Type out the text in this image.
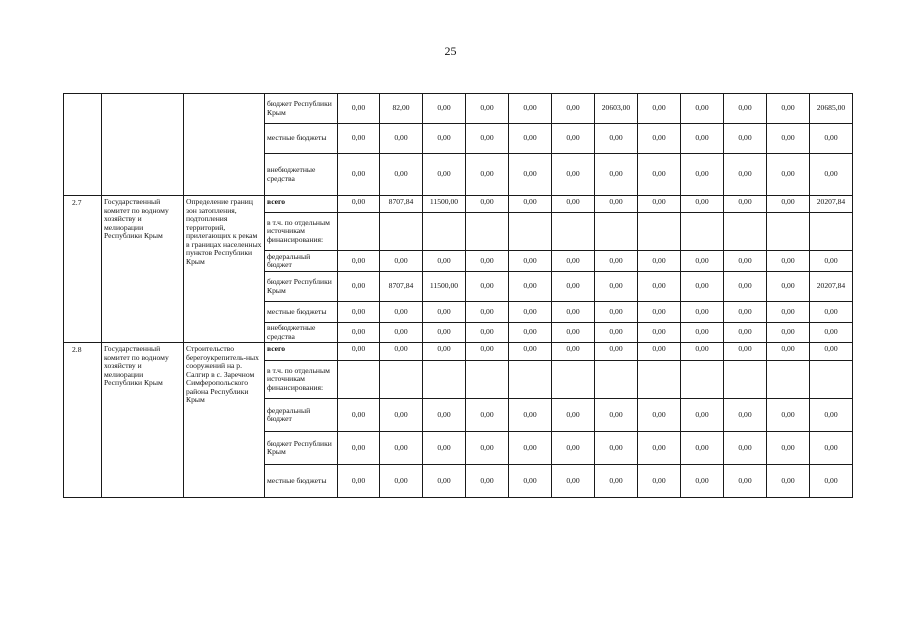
25
			бюджет Республики Крым	0,00	82,00	0,00	0,00	0,00	0,00	20603,00	0,00	0,00	0,00	0,00	20685,00
			местные бюджеты	0,00	0,00	0,00	0,00	0,00	0,00	0,00	0,00	0,00	0,00	0,00	0,00
			внебюджетные средства	0,00	0,00	0,00	0,00	0,00	0,00	0,00	0,00	0,00	0,00	0,00	0,00
2.7	Государственный комитет по водному хозяйству и мелиорации Республики Крым	Определение границ зон затопления, подтопления территорий, прилегающих к рекам в границах населенных пунктов Республики Крым	всего	0,00	8707,84	11500,00	0,00	0,00	0,00	0,00	0,00	0,00	0,00	0,00	20207,84
			в т.ч. по отдельным источникам финансирования:												
			федеральный бюджет	0,00	0,00	0,00	0,00	0,00	0,00	0,00	0,00	0,00	0,00	0,00	0,00
			бюджет Республики Крым	0,00	8707,84	11500,00	0,00	0,00	0,00	0,00	0,00	0,00	0,00	0,00	20207,84
			местные бюджеты	0,00	0,00	0,00	0,00	0,00	0,00	0,00	0,00	0,00	0,00	0,00	0,00
			внебюджетные средства	0,00	0,00	0,00	0,00	0,00	0,00	0,00	0,00	0,00	0,00	0,00	0,00
2.8	Государственный комитет по водному хозяйству и мелиорации Республики Крым	Строительство берегоукрепитель-ных сооружений на р. Салгир в с. Заречном Симферопольского района Республики Крым	всего	0,00	0,00	0,00	0,00	0,00	0,00	0,00	0,00	0,00	0,00	0,00	0,00
			в т.ч. по отдельным источникам финансирования:												
			федеральный бюджет	0,00	0,00	0,00	0,00	0,00	0,00	0,00	0,00	0,00	0,00	0,00	0,00
			бюджет Республики Крым	0,00	0,00	0,00	0,00	0,00	0,00	0,00	0,00	0,00	0,00	0,00	0,00
			местные бюджеты	0,00	0,00	0,00	0,00	0,00	0,00	0,00	0,00	0,00	0,00	0,00	0,00
